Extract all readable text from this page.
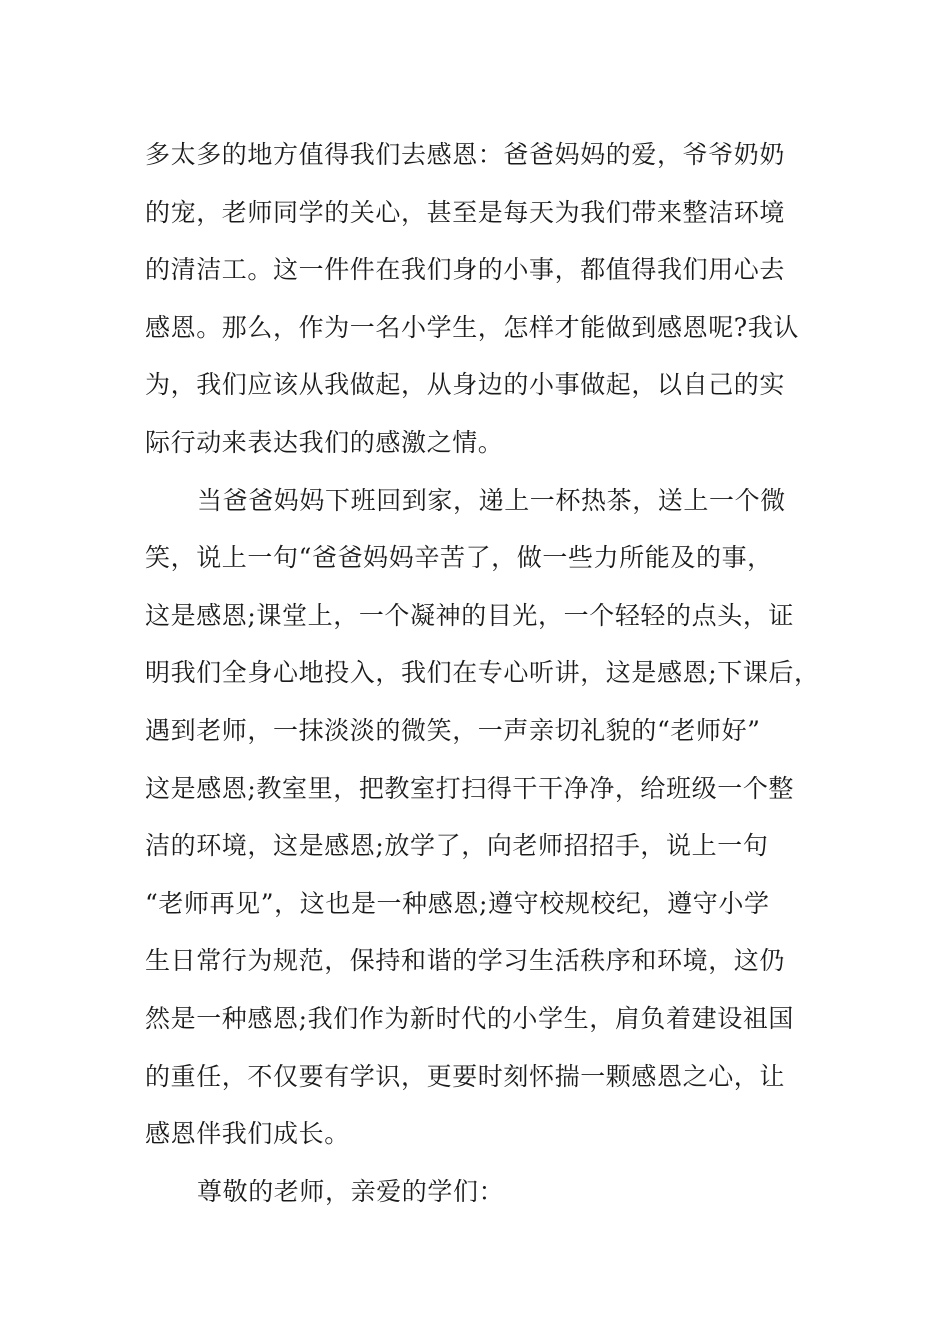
多太多的地方值得我们去感恩：爸爸妈妈的爱，爷爷奶奶
的宠，老师同学的关心，甚至是每天为我们带来整洁环境
的清洁工。这一件件在我们身的小事，都值得我们用心去
感恩。那么，作为一名小学生，怎样才能做到感恩呢?我认
为，我们应该从我做起，从身边的小事做起，以自己的实
际行动来表达我们的感激之情。
当爸爸妈妈下班回到家，递上一杯热茶，送上一个微
笑，说上一句“爸爸妈妈辛苦了，做一些力所能及的事，
这是感恩;课堂上，一个凝神的目光，一个轻轻的点头，证
明我们全身心地投入，我们在专心听讲，这是感恩;下课后，
遇到老师，一抹淡淡的微笑，一声亲切礼貌的“老师好”
这是感恩;教室里，把教室打扫得干干净净，给班级一个整
洁的环境，这是感恩;放学了，向老师招招手，说上一句
“老师再见”，这也是一种感恩;遵守校规校纪，遵守小学
生日常行为规范，保持和谐的学习生活秩序和环境，这仍
然是一种感恩;我们作为新时代的小学生，肩负着建设祖国
的重任，不仅要有学识，更要时刻怀揣一颗感恩之心，让
感恩伴我们成长。
尊敬的老师，亲爱的学们：
